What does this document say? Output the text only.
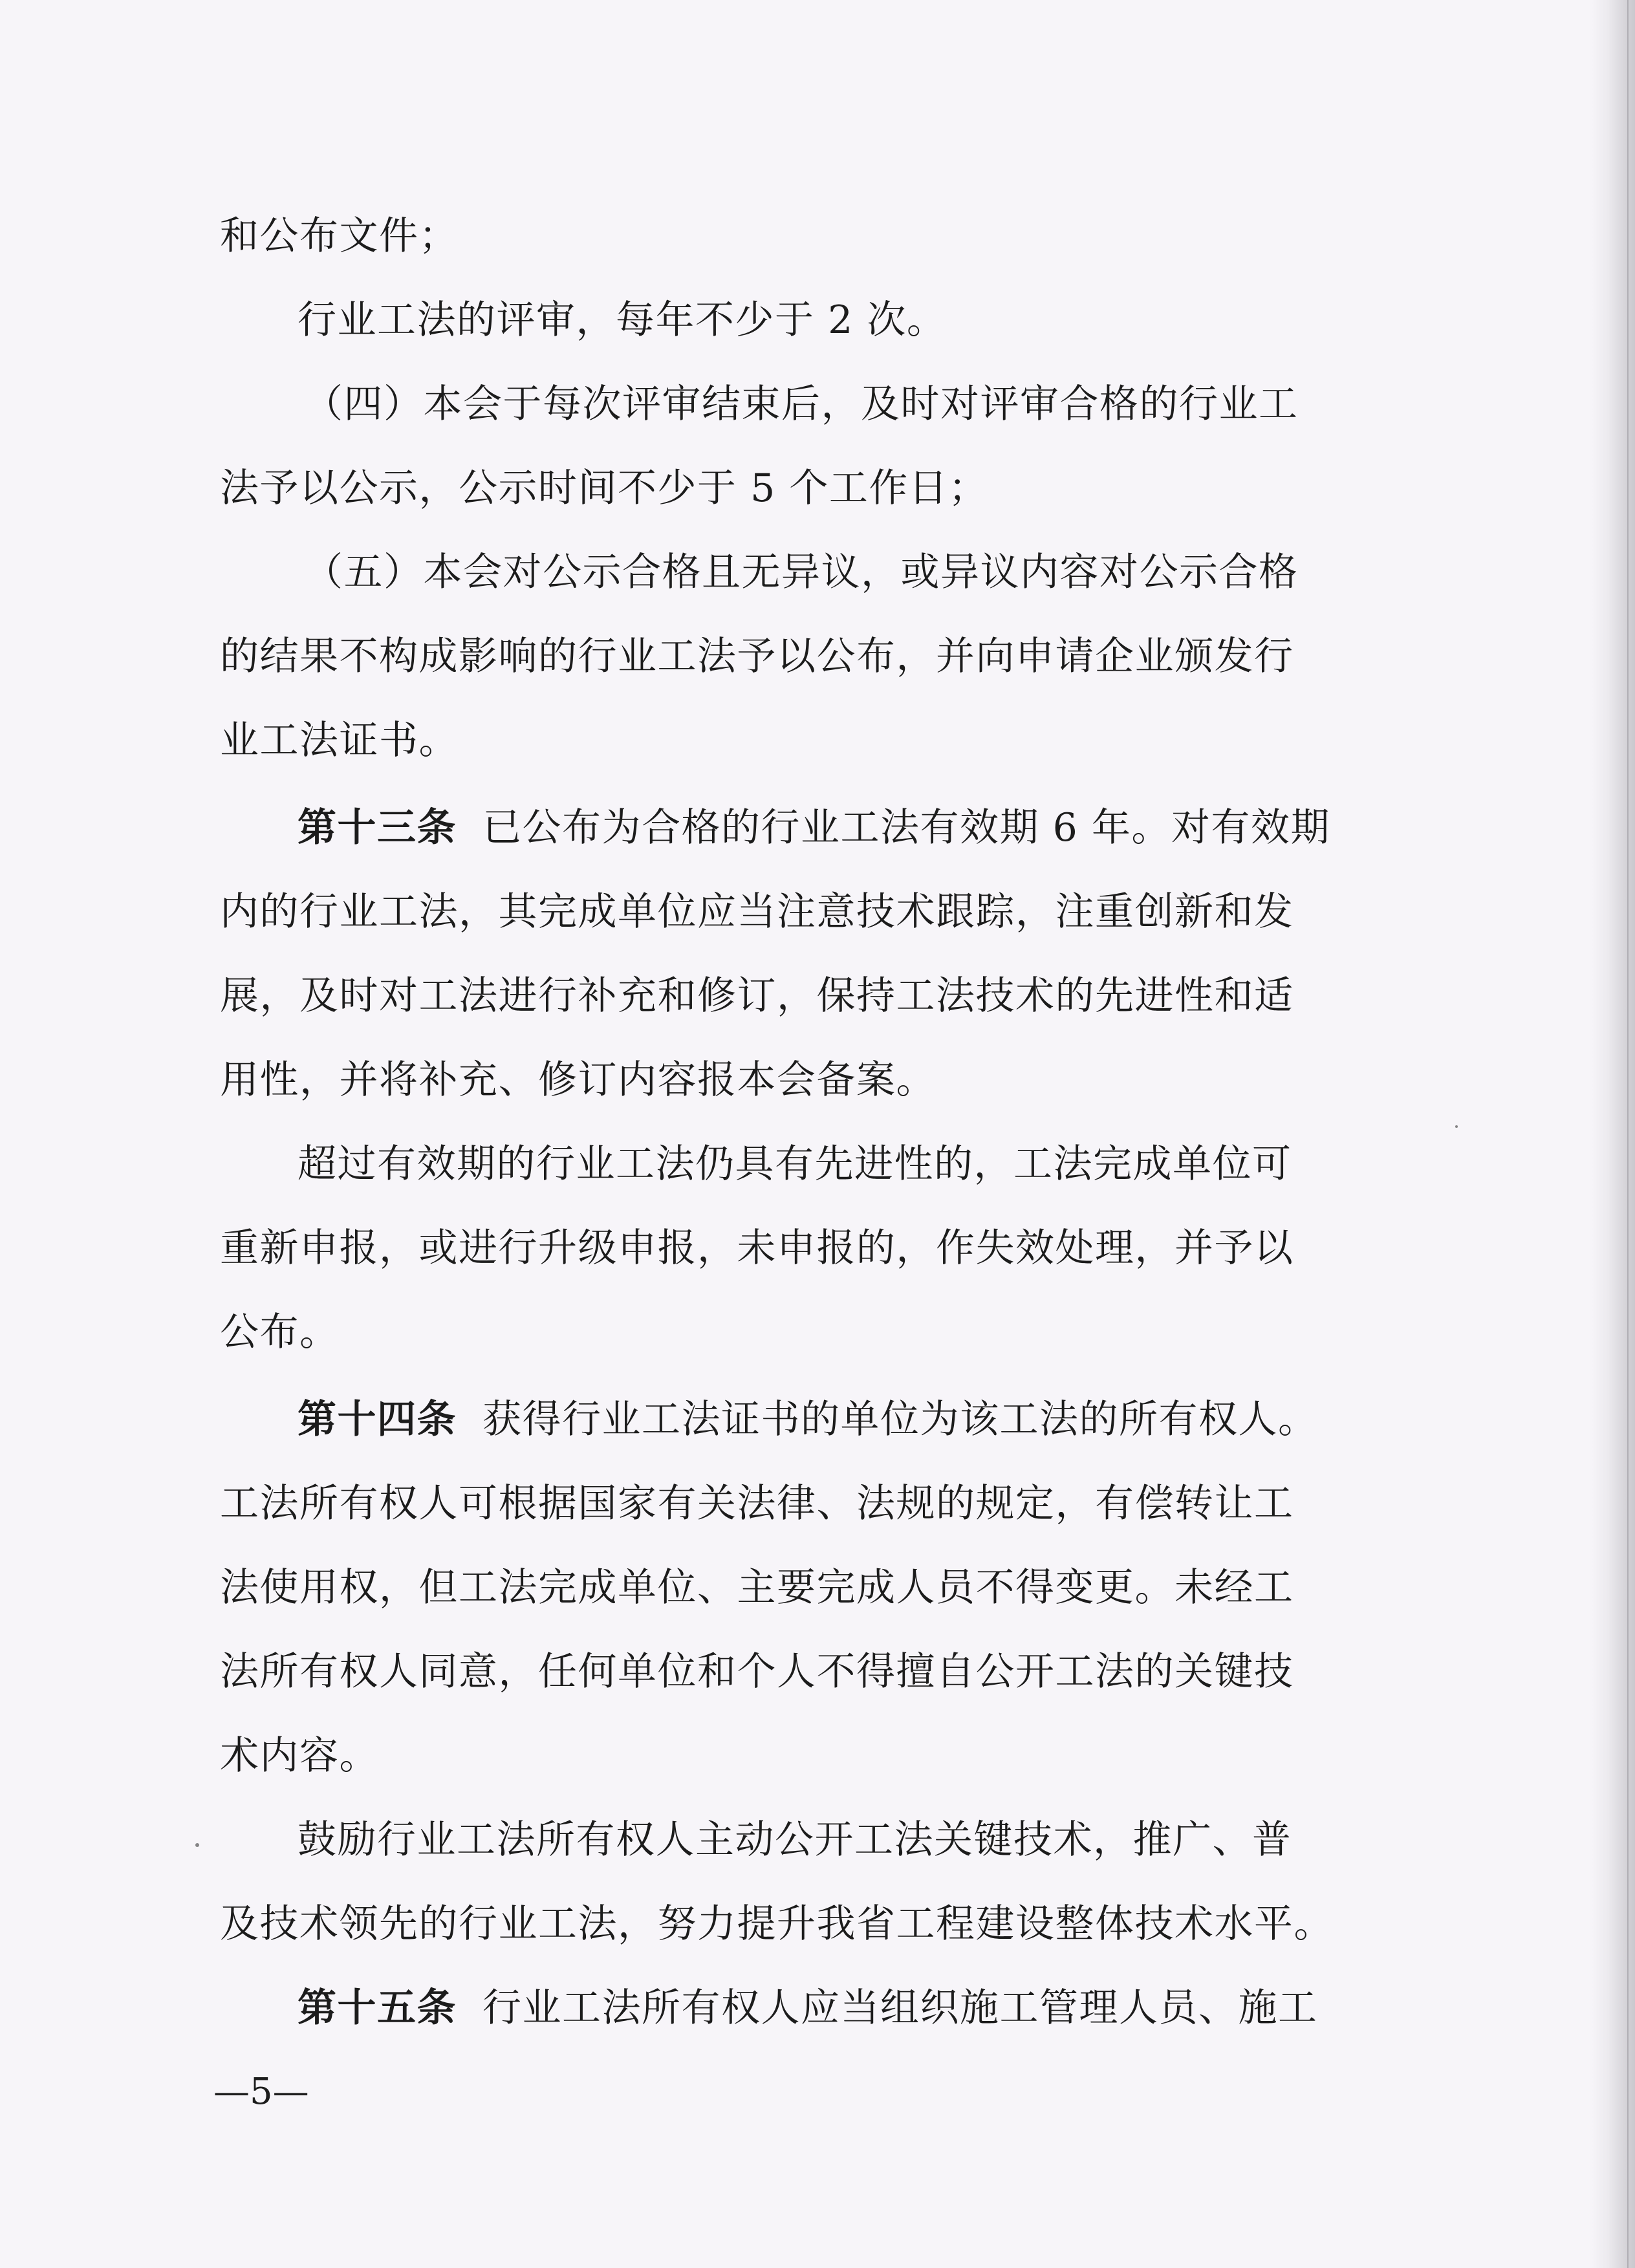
和公布文件；
行业工法的评审，每年不少于 2 次。
（四）本会于每次评审结束后，及时对评审合格的行业工
法予以公示，公示时间不少于 5 个工作日；
（五）本会对公示合格且无异议，或异议内容对公示合格
的结果不构成影响的行业工法予以公布，并向申请企业颁发行
业工法证书。
第十三条 已公布为合格的行业工法有效期 6 年。对有效期
内的行业工法，其完成单位应当注意技术跟踪，注重创新和发
展，及时对工法进行补充和修订，保持工法技术的先进性和适
用性，并将补充、修订内容报本会备案。
超过有效期的行业工法仍具有先进性的，工法完成单位可
重新申报，或进行升级申报，未申报的，作失效处理，并予以
公布。
第十四条 获得行业工法证书的单位为该工法的所有权人。
工法所有权人可根据国家有关法律、法规的规定，有偿转让工
法使用权，但工法完成单位、主要完成人员不得变更。未经工
法所有权人同意，任何单位和个人不得擅自公开工法的关键技
术内容。
鼓励行业工法所有权人主动公开工法关键技术，推广、普
及技术领先的行业工法，努力提升我省工程建设整体技术水平。
第十五条 行业工法所有权人应当组织施工管理人员、施工
—5—
